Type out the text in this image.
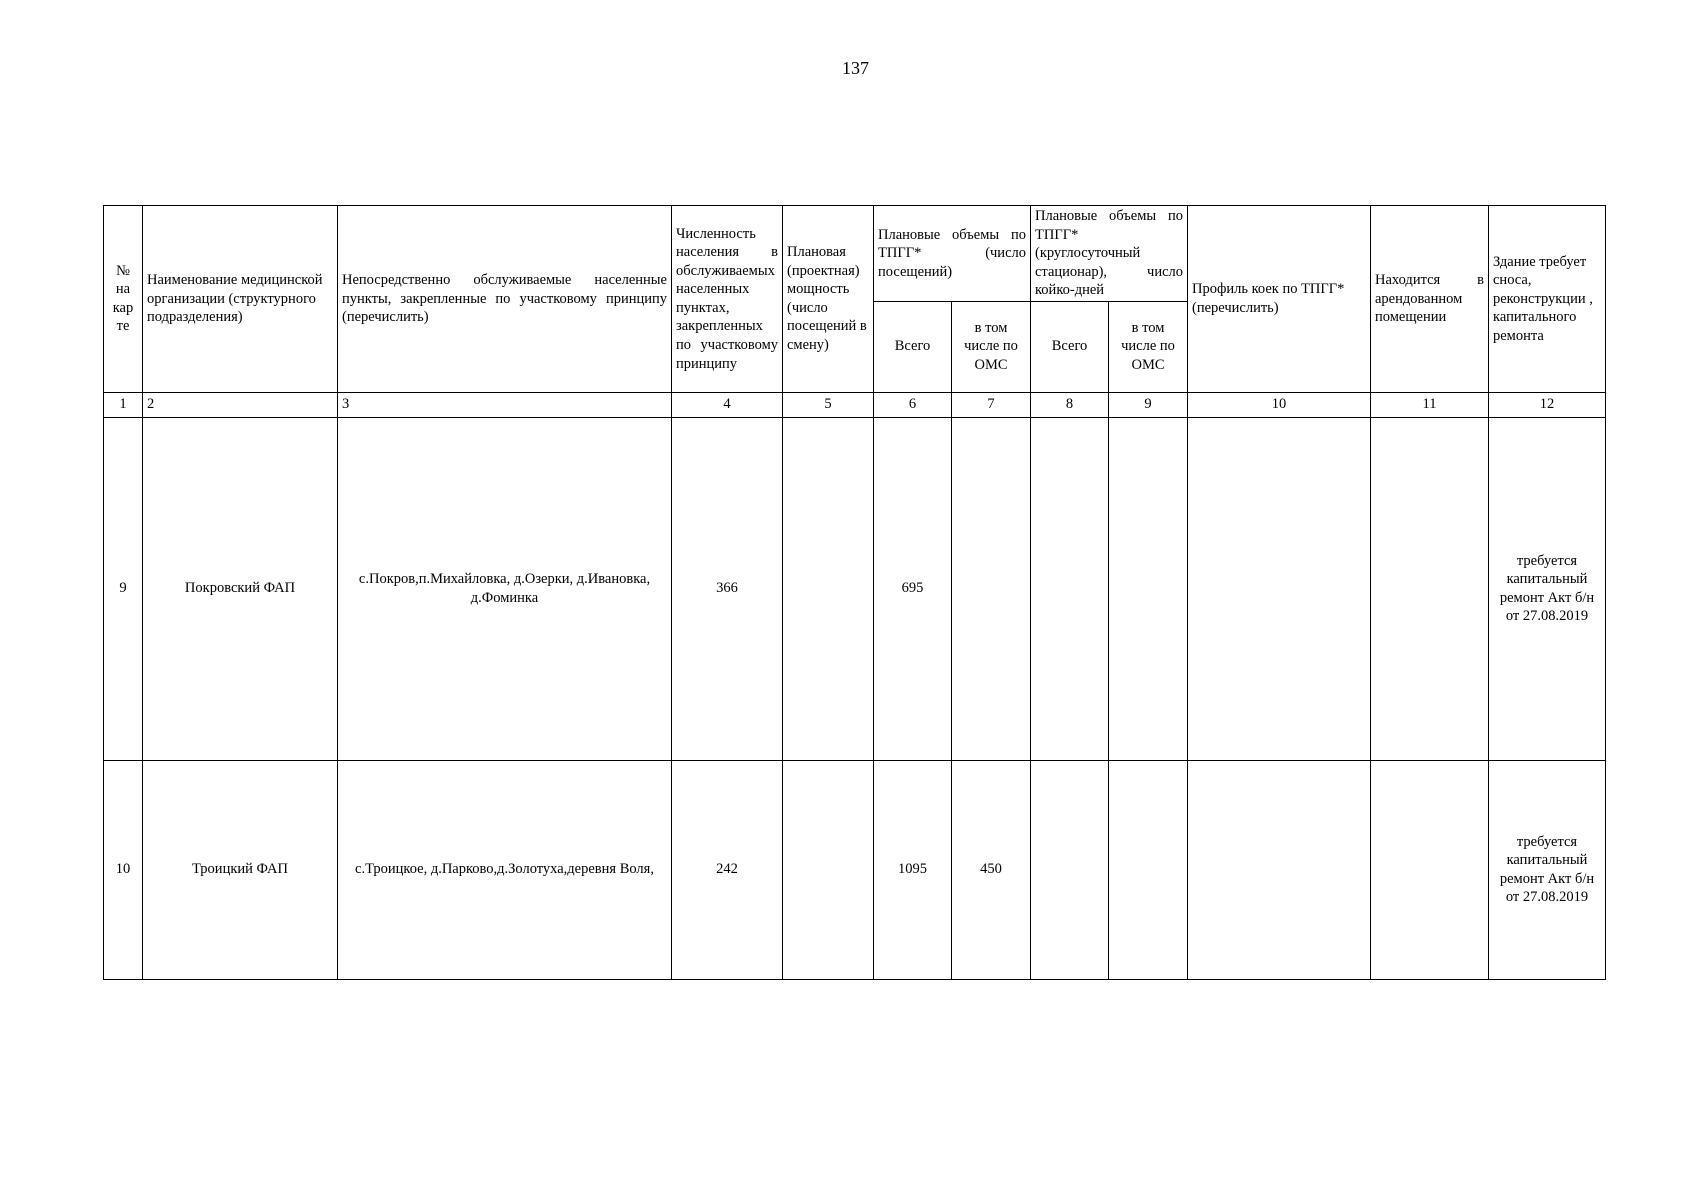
137
№ на кар те	Наименование медицинской организации (структурного подразделения)	Непосредственно обслуживаемые населенные пункты, закрепленные по участковому принципу (перечислить)	Численность населения в обслуживаемых населенных пунктах, закрепленных по участковому принципу	Плановая (проектная) мощность (число посещений в смену)	Плановые объемы по ТПГГ* (число посещений)		Плановые объемы по ТПГГ* (круглосуточный стационар), число койко-дней		Профиль коек по ТПГГ* (перечислить)	Находится в арендованном помещении	Здание требует сноса, реконструкции , капитального ремонта
					Всего	в том числе по ОМС	Всего	в том числе по ОМС			
1	2	3	4	5	6	7	8	9	10	11	12
9	Покровский ФАП	с.Покров,п.Михайловка, д.Озерки, д.Ивановка, д.Фоминка	366		695						требуется капитальный ремонт Акт б/н от 27.08.2019
10	Троицкий ФАП	с.Троицкое, д.Парково,д.Золотуха,деревня Воля,	242		1095	450					требуется капитальный ремонт Акт б/н от 27.08.2019
